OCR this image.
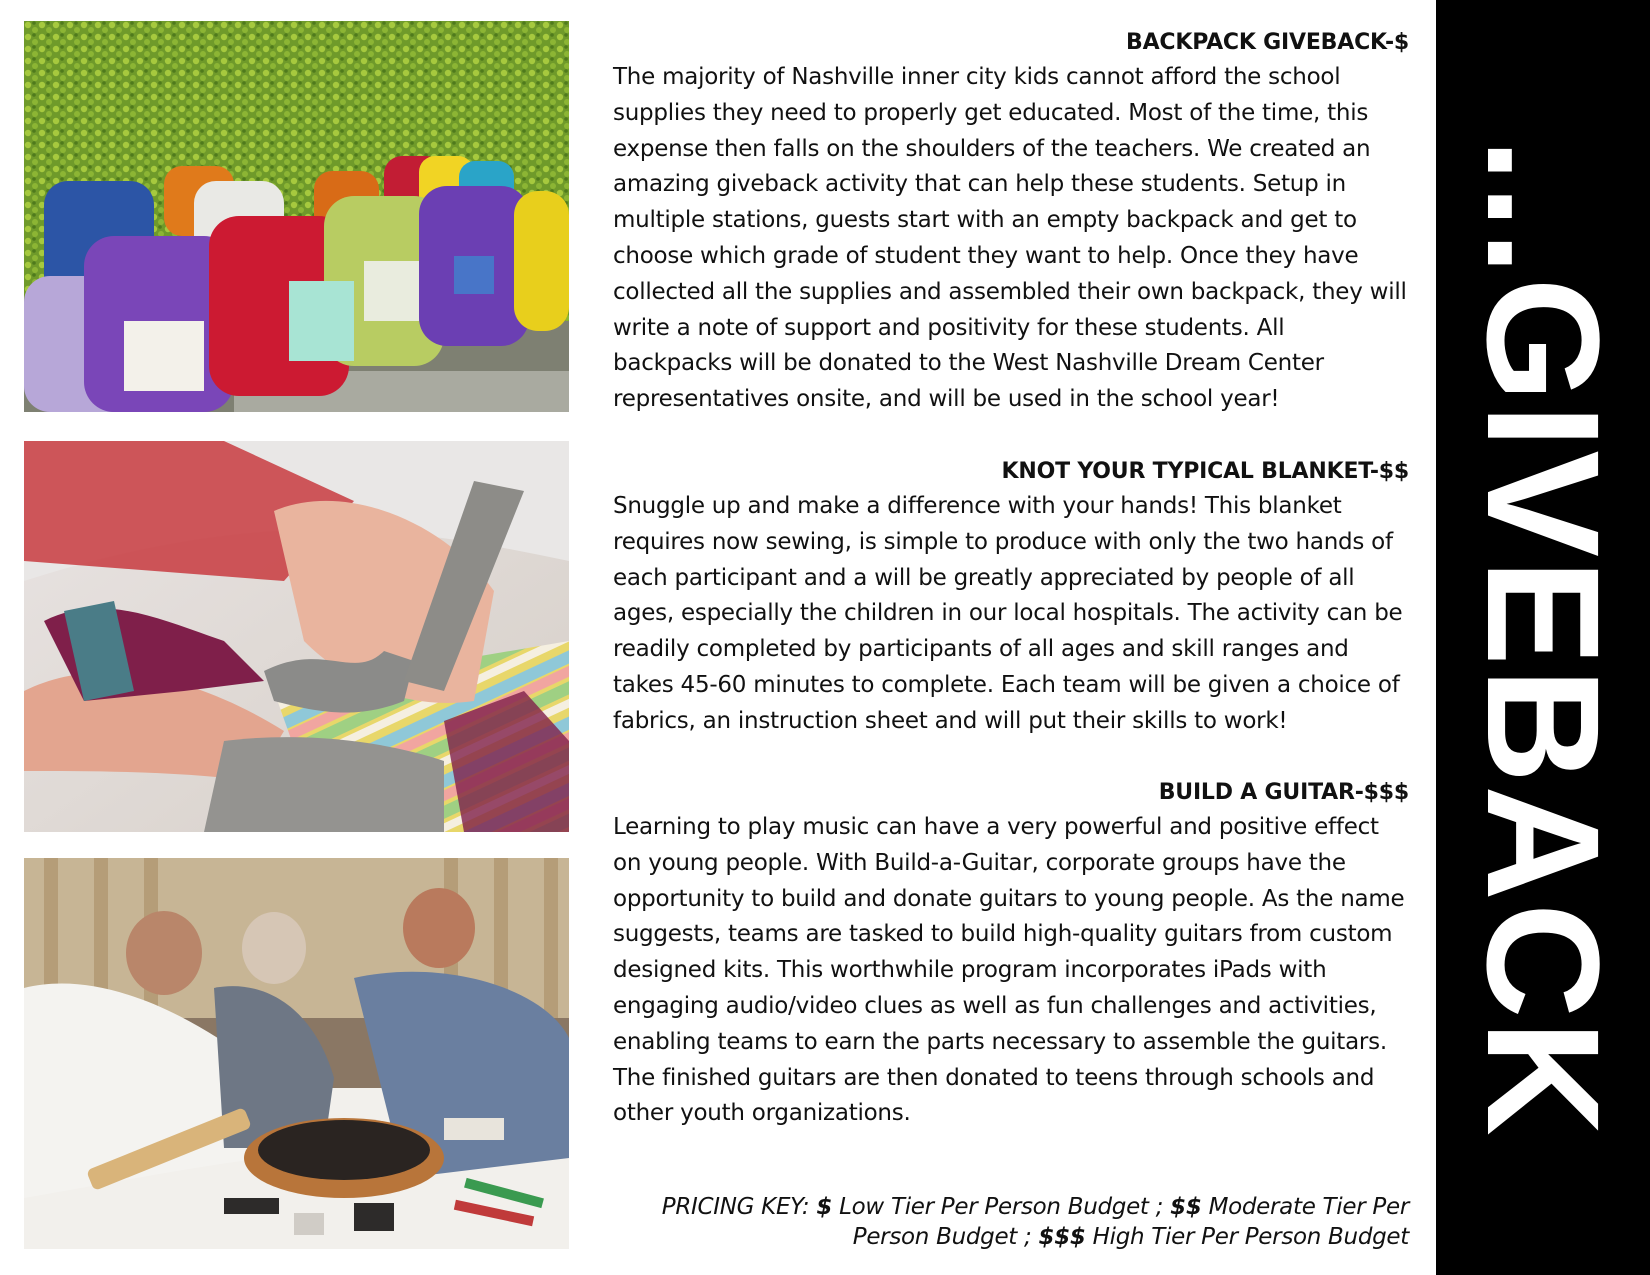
BACKPACK GIVEBACK-$

The majority of Nashville inner city kids cannot afford the school supplies they need to properly get educated. Most of the time, this expense then falls on the shoulders of the teachers. We created an amazing giveback activity that can help these students. Setup in multiple stations, guests start with an empty backpack and get to choose which grade of student they want to help. Once they have collected all the supplies and assembled their own backpack, they will write a note of support and positivity for these students. All backpacks will be donated to the West Nashville Dream Center representatives onsite, and will be used in the school year!

KNOT YOUR TYPICAL BLANKET-$$

Snuggle up and make a difference with your hands! This blanket requires now sewing, is simple to produce with only the two hands of each participant and a will be greatly appreciated by people of all ages, especially the children in our local hospitals. The activity can be readily completed by participants of all ages and skill ranges and takes 45-60 minutes to complete. Each team will be given a choice of fabrics, an instruction sheet and will put their skills to work!

BUILD A GUITAR-$$$

Learning to play music can have a very powerful and positive effect on young people. With Build-a-Guitar, corporate groups have the opportunity to build and donate guitars to young people. As the name suggests, teams are tasked to build high-quality guitars from custom designed kits. This worthwhile program incorporates iPads with engaging audio/video clues as well as fun challenges and activities, enabling teams to earn the parts necessary to assemble the guitars. The finished guitars are then donated to teens through schools and other youth organizations.

PRICING KEY: $ Low Tier Per Person Budget ; $$ Moderate Tier Per Person Budget ; $$$ High Tier Per Person Budget
...GIVEBACK
